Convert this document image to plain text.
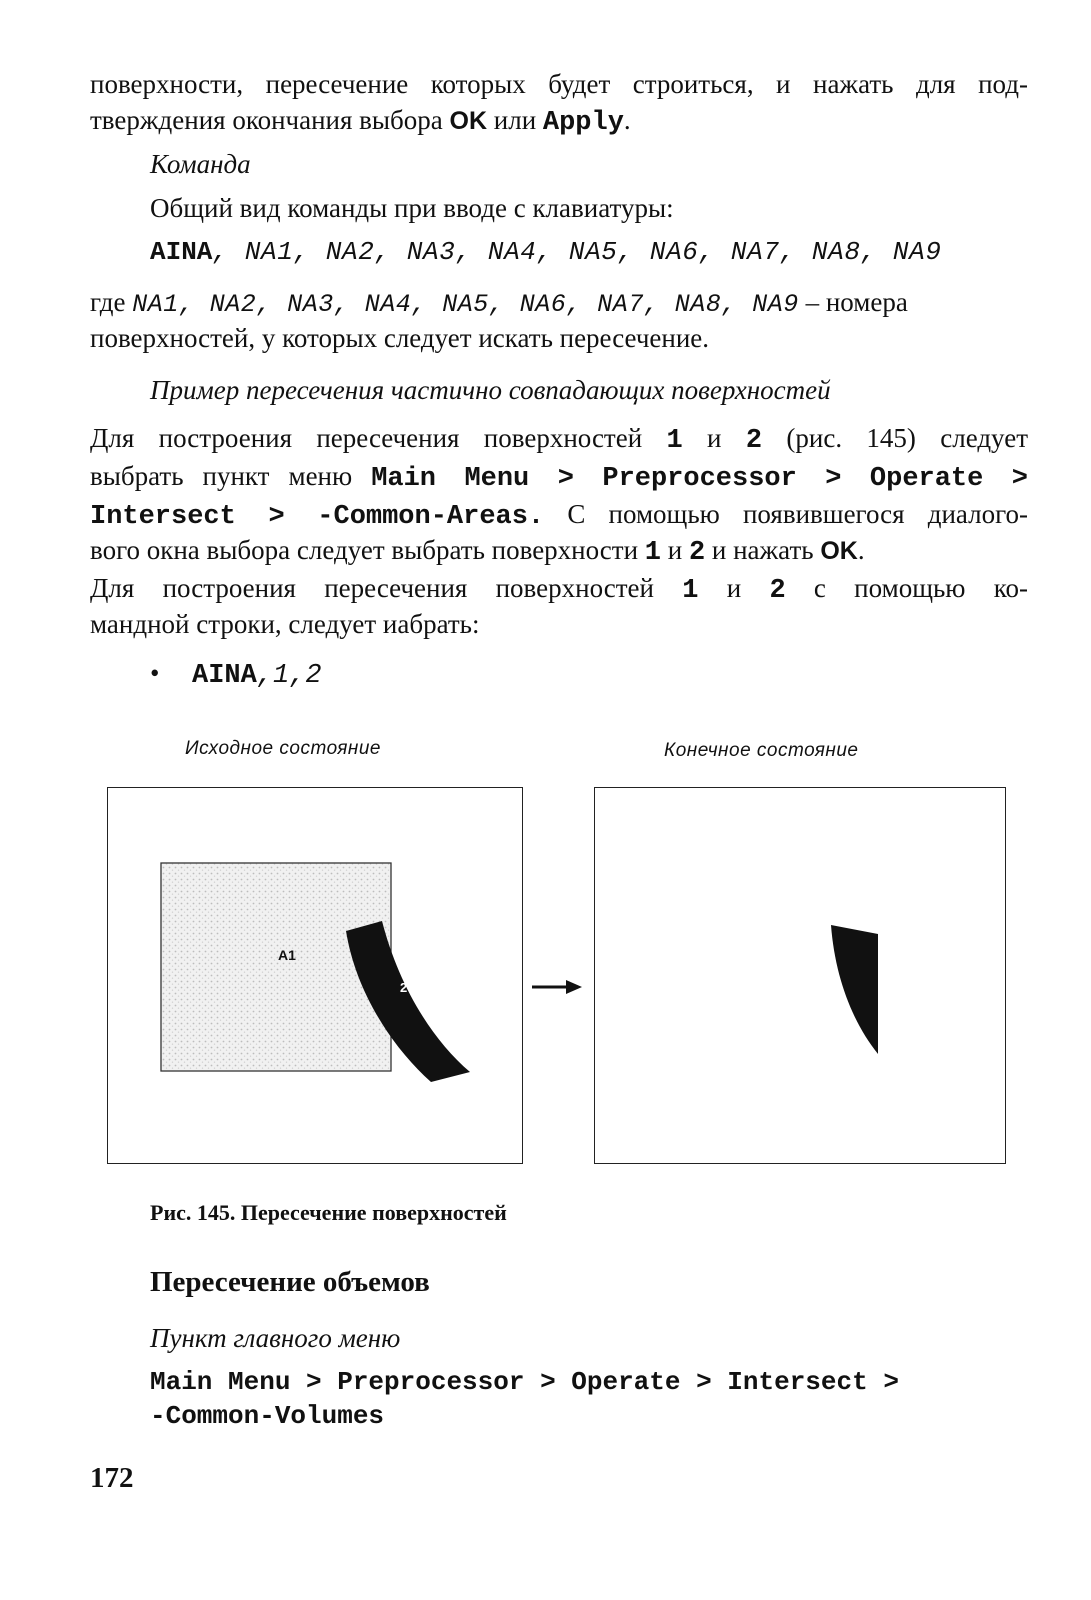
поверхности, пересечение которых будет строиться, и нажать для под-
тверждения окончания выбора OK или Apply.
Команда
Общий вид команды при вводе с клавиатуры:
AINA, NA1, NA2, NA3, NA4, NA5, NA6, NA7, NA8, NA9
где NA1, NA2, NA3, NA4, NA5, NA6, NA7, NA8, NA9 – номера
поверхностей, у которых следует искать пересечение.
Пример пересечения частично совпадающих поверхностей
Для построения пересечения поверхностей 1 и 2 (рис. 145) следует
выбрать пункт меню Main Menu > Preprocessor > Operate >
Intersect > -Common-Areas. С помощью появившегося диалого-
вого окна выбора следует выбрать поверхности 1 и 2 и нажать OK.
Для построения пересечения поверхностей 1 и 2 с помощью ко-
мандной строки, следует иабрать:
• AINA,1,2
Исходное состояние	Конечное состояние
A1
2
Рис. 145. Пересечение поверхностей
Пересечение объемов
Пункт главного меню
Main Menu > Preprocessor > Operate > Intersect >
-Common-Volumes
172
